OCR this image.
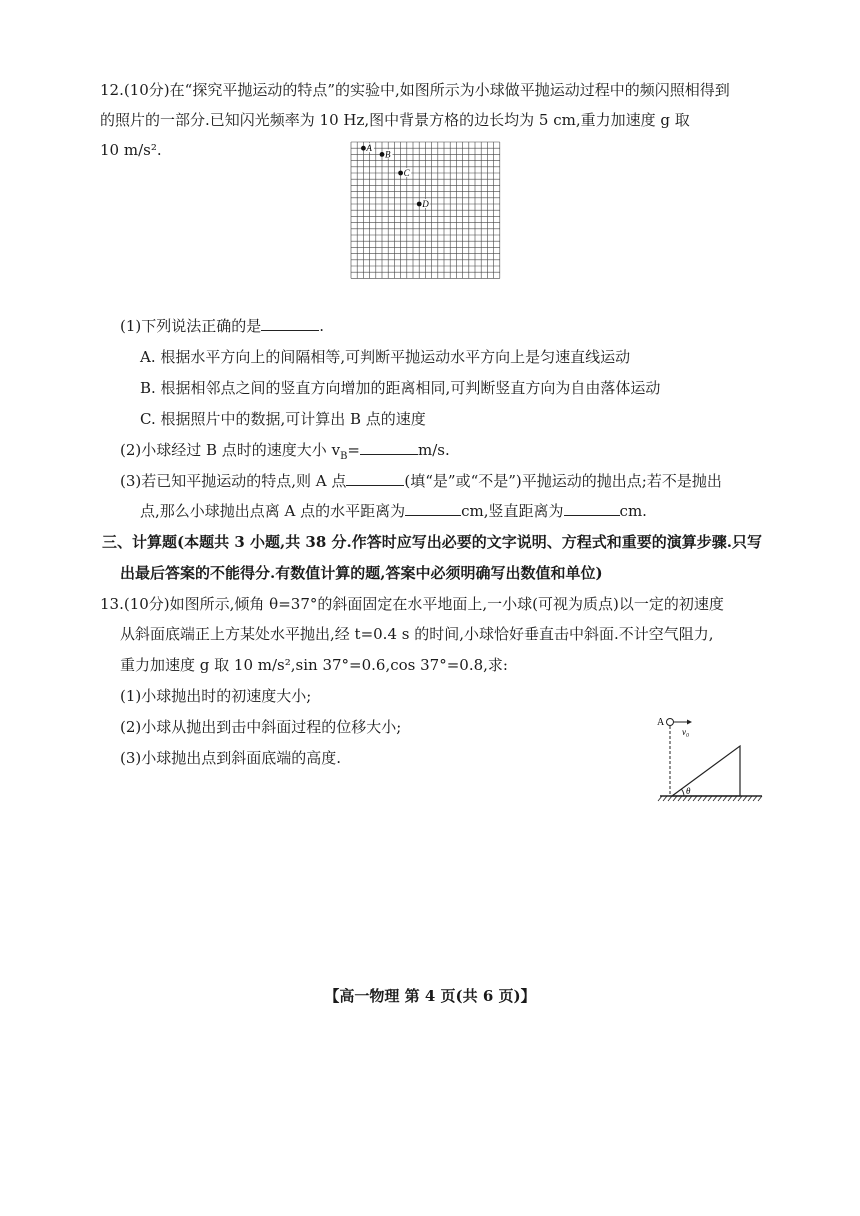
12.(10分)在“探究平抛运动的特点”的实验中,如图所示为小球做平抛运动过程中的频闪照相得到
的照片的一部分.已知闪光频率为 10 Hz,图中背景方格的边长均为 5 cm,重力加速度 g 取
10 m/s².	A
B
C
D
(1)下列说法正确的是	.
A. 根据水平方向上的间隔相等,可判断平抛运动水平方向上是匀速直线运动
B. 根据相邻点之间的竖直方向增加的距离相同,可判断竖直方向为自由落体运动
C. 根据照片中的数据,可计算出 B 点的速度
(2)小球经过 B 点时的速度大小 $v_B=$	m/s.
(3)若已知平抛运动的特点,则 A 点	(填“是”或“不是”)平抛运动的抛出点;若不是抛出
点,那么小球抛出点离 A 点的水平距离为	cm,竖直距离为	cm.
三、计算题(本题共 3 小题,共 38 分.作答时应写出必要的文字说明、方程式和重要的演算步骤.只写
出最后答案的不能得分.有数值计算的题,答案中必须明确写出数值和单位)
13.(10分)如图所示,倾角 θ=37°的斜面固定在水平地面上,一小球(可视为质点)以一定的初速度
从斜面底端正上方某处水平抛出,经 t=0.4 s 的时间,小球恰好垂直击中斜面.不计空气阻力,
重力加速度 g 取 10 m/s²,sin 37°=0.6,cos 37°=0.8,求:
(1)小球抛出时的初速度大小;
(2)小球从抛出到击中斜面过程的位移大小;
(3)小球抛出点到斜面底端的高度.
A
v₀
θ
【高一物理 第 4 页(共 6 页)】
